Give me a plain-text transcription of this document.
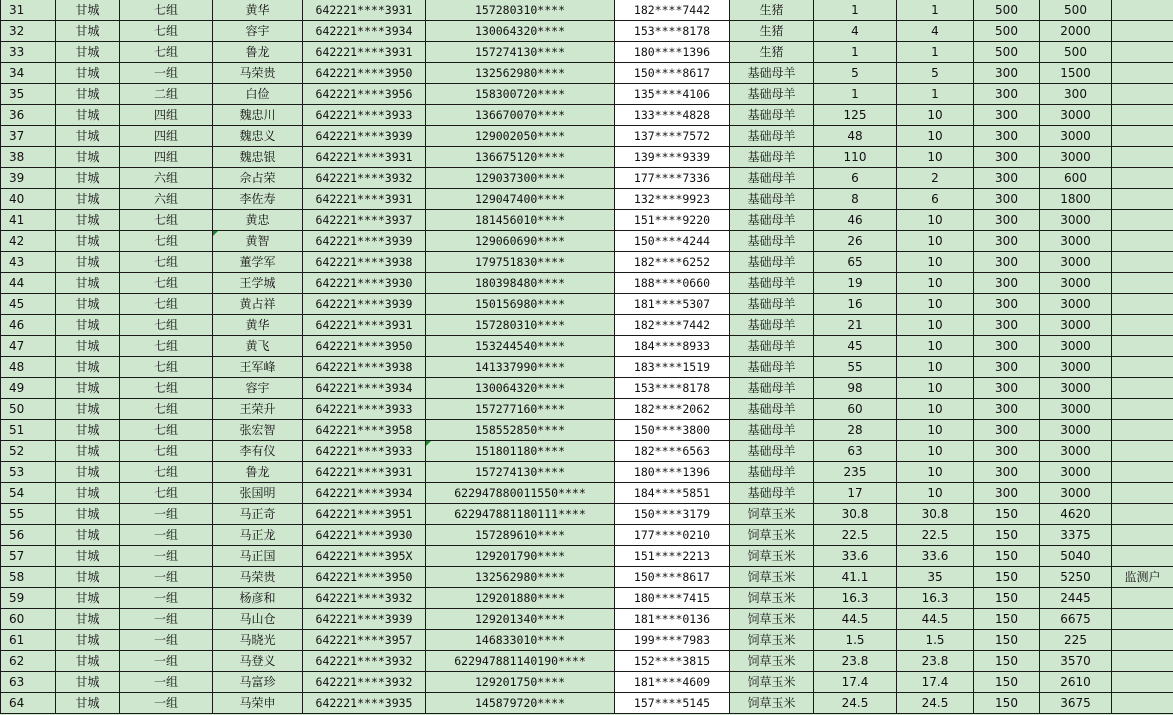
31	甘城	七组	黄华	642221****3931	157280310****	182****7442	生猪	1	1	500	500	
32	甘城	七组	容宇	642221****3934	130064320****	153****8178	生猪	4	4	500	2000	
33	甘城	七组	鲁龙	642221****3931	157274130****	180****1396	生猪	1	1	500	500	
34	甘城	一组	马荣贵	642221****3950	132562980****	150****8617	基础母羊	5	5	300	1500	
35	甘城	二组	白俭	642221****3956	158300720****	135****4106	基础母羊	1	1	300	300	
36	甘城	四组	魏忠川	642221****3933	136670070****	133****4828	基础母羊	125	10	300	3000	
37	甘城	四组	魏忠义	642221****3939	129002050****	137****7572	基础母羊	48	10	300	3000	
38	甘城	四组	魏忠银	642221****3931	136675120****	139****9339	基础母羊	110	10	300	3000	
39	甘城	六组	佘占荣	642221****3932	129037300****	177****7336	基础母羊	6	2	300	600	
40	甘城	六组	李佐寿	642221****3931	129047400****	132****9923	基础母羊	8	6	300	1800	
41	甘城	七组	黄忠	642221****3937	181456010****	151****9220	基础母羊	46	10	300	3000	
42	甘城	七组	黄智	642221****3939	129060690****	150****4244	基础母羊	26	10	300	3000	
43	甘城	七组	董学军	642221****3938	179751830****	182****6252	基础母羊	65	10	300	3000	
44	甘城	七组	王学城	642221****3930	180398480****	188****0660	基础母羊	19	10	300	3000	
45	甘城	七组	黄占祥	642221****3939	150156980****	181****5307	基础母羊	16	10	300	3000	
46	甘城	七组	黄华	642221****3931	157280310****	182****7442	基础母羊	21	10	300	3000	
47	甘城	七组	黄飞	642221****3950	153244540****	184****8933	基础母羊	45	10	300	3000	
48	甘城	七组	王军峰	642221****3938	141337990****	183****1519	基础母羊	55	10	300	3000	
49	甘城	七组	容宇	642221****3934	130064320****	153****8178	基础母羊	98	10	300	3000	
50	甘城	七组	王荣升	642221****3933	157277160****	182****2062	基础母羊	60	10	300	3000	
51	甘城	七组	张宏智	642221****3958	158552850****	150****3800	基础母羊	28	10	300	3000	
52	甘城	七组	李有仪	642221****3933	151801180****	182****6563	基础母羊	63	10	300	3000	
53	甘城	七组	鲁龙	642221****3931	157274130****	180****1396	基础母羊	235	10	300	3000	
54	甘城	七组	张国明	642221****3934	622947880011550****	184****5851	基础母羊	17	10	300	3000	
55	甘城	一组	马正奇	642221****3951	622947881180111****	150****3179	饲草玉米	30.8	30.8	150	4620	
56	甘城	一组	马正龙	642221****3930	157289610****	177****0210	饲草玉米	22.5	22.5	150	3375	
57	甘城	一组	马正国	642221****395X	129201790****	151****2213	饲草玉米	33.6	33.6	150	5040	
58	甘城	一组	马荣贵	642221****3950	132562980****	150****8617	饲草玉米	41.1	35	150	5250	监测户
59	甘城	一组	杨彦和	642221****3932	129201880****	180****7415	饲草玉米	16.3	16.3	150	2445	
60	甘城	一组	马山仓	642221****3939	129201340****	181****0136	饲草玉米	44.5	44.5	150	6675	
61	甘城	一组	马晓光	642221****3957	146833010****	199****7983	饲草玉米	1.5	1.5	150	225	
62	甘城	一组	马登义	642221****3932	622947881140190****	152****3815	饲草玉米	23.8	23.8	150	3570	
63	甘城	一组	马富珍	642221****3932	129201750****	181****4609	饲草玉米	17.4	17.4	150	2610	
64	甘城	一组	马荣申	642221****3935	145879720****	157****5145	饲草玉米	24.5	24.5	150	3675	
